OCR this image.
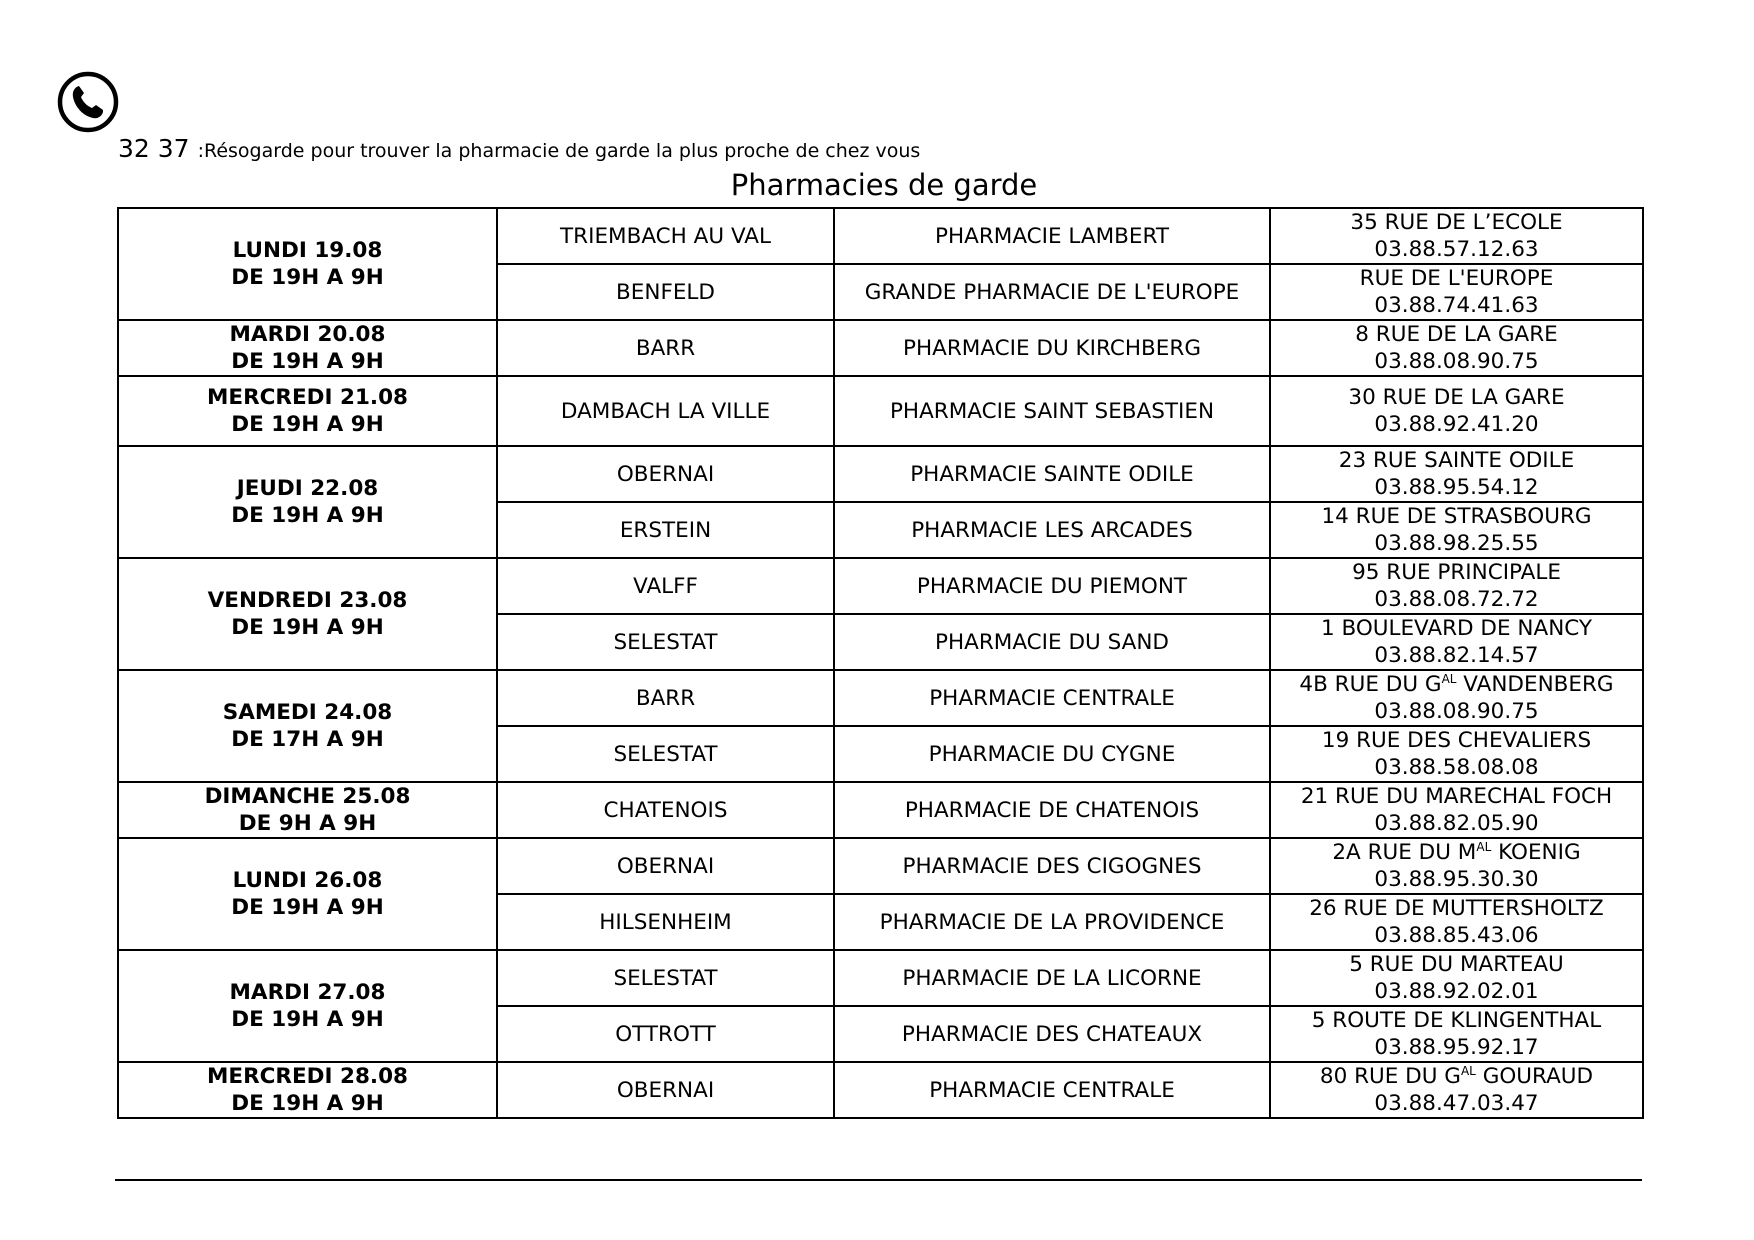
32 37 :Résogarde pour trouver la pharmacie de garde la plus proche de chez vous
Pharmacies de garde
LUNDI 19.08
DE 19H A 9H	TRIEMBACH AU VAL	PHARMACIE LAMBERT	35 RUE DE L’ECOLE
03.88.57.12.63

	BENFELD	GRANDE PHARMACIE DE L'EUROPE	RUE DE L'EUROPE
03.88.74.41.63

MARDI 20.08
DE 19H A 9H	BARR	PHARMACIE DU KIRCHBERG	8 RUE DE LA GARE
03.88.08.90.75

MERCREDI 21.08
DE 19H A 9H	DAMBACH LA VILLE	PHARMACIE SAINT SEBASTIEN	30 RUE DE LA GARE
03.88.92.41.20

JEUDI 22.08
DE 19H A 9H	OBERNAI	PHARMACIE SAINTE ODILE	23 RUE SAINTE ODILE
03.88.95.54.12

	ERSTEIN	PHARMACIE LES ARCADES	14 RUE DE STRASBOURG
03.88.98.25.55

VENDREDI 23.08
DE 19H A 9H	VALFF	PHARMACIE DU PIEMONT	95 RUE PRINCIPALE
03.88.08.72.72

	SELESTAT	PHARMACIE DU SAND	1 BOULEVARD DE NANCY
03.88.82.14.57

SAMEDI 24.08
DE 17H A 9H	BARR	PHARMACIE CENTRALE	4B RUE DU $G^{AL}$ VANDENBERG
03.88.08.90.75

	SELESTAT	PHARMACIE DU CYGNE	19 RUE DES CHEVALIERS
03.88.58.08.08

DIMANCHE 25.08
DE 9H A 9H	CHATENOIS	PHARMACIE DE CHATENOIS	21 RUE DU MARECHAL FOCH
03.88.82.05.90

LUNDI 26.08
DE 19H A 9H	OBERNAI	PHARMACIE DES CIGOGNES	2A RUE DU $M^{AL}$ KOENIG
03.88.95.30.30

	HILSENHEIM	PHARMACIE DE LA PROVIDENCE	26 RUE DE MUTTERSHOLTZ
03.88.85.43.06

MARDI 27.08
DE 19H A 9H	SELESTAT	PHARMACIE DE LA LICORNE	5 RUE DU MARTEAU
03.88.92.02.01

	OTTROTT	PHARMACIE DES CHATEAUX	5 ROUTE DE KLINGENTHAL
03.88.95.92.17

MERCREDI 28.08
DE 19H A 9H	OBERNAI	PHARMACIE CENTRALE	80 RUE DU $G^{AL}$ GOURAUD
03.88.47.03.47
